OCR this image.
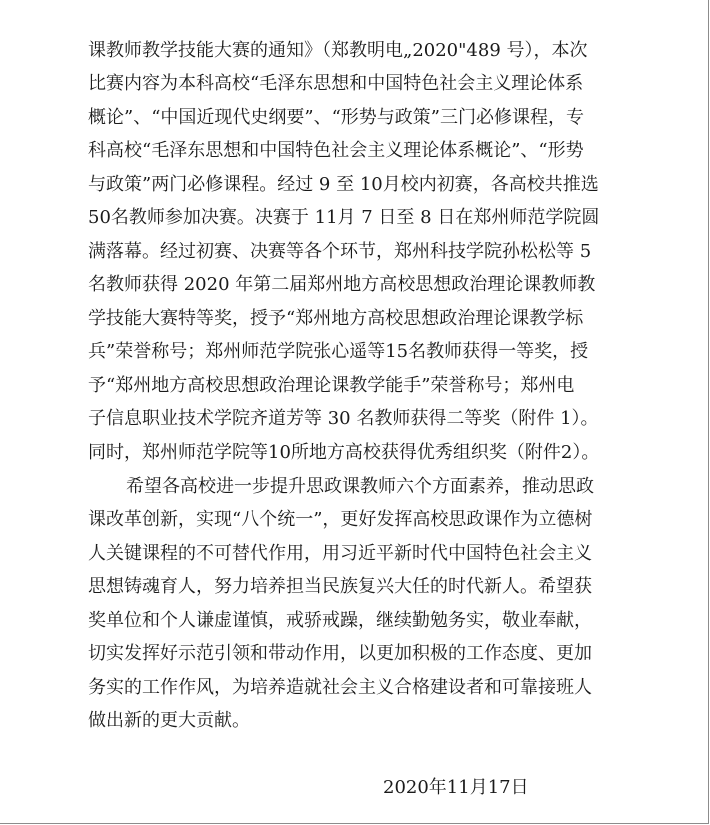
课教师教学技能大赛的通知》（郑教明电„2020"489 号），本次
比赛内容为本科高校“毛泽东思想和中国特色社会主义理论体系
概论”、“中国近现代史纲要”、“形势与政策”三门必修课程，专
科高校“毛泽东思想和中国特色社会主义理论体系概论”、“形势
与政策”两门必修课程。经过 9 至 10月校内初赛，各高校共推选
50名教师参加决赛。决赛于 11月 7 日至 8 日在郑州师范学院圆
满落幕。经过初赛、决赛等各个环节，郑州科技学院孙松松等 5
名教师获得 2020 年第二届郑州地方高校思想政治理论课教师教
学技能大赛特等奖，授予“郑州地方高校思想政治理论课教学标
兵”荣誉称号；郑州师范学院张心遥等15名教师获得一等奖，授
予“郑州地方高校思想政治理论课教学能手”荣誉称号；郑州电
子信息职业技术学院齐道芳等 30 名教师获得二等奖（附件 1）。
同时，郑州师范学院等10所地方高校获得优秀组织奖（附件2）。
希望各高校进一步提升思政课教师六个方面素养，推动思政
课改革创新，实现“八个统一”，更好发挥高校思政课作为立德树
人关键课程的不可替代作用，用习近平新时代中国特色社会主义
思想铸魂育人，努力培养担当民族复兴大任的时代新人。希望获
奖单位和个人谦虚谨慎，戒骄戒躁，继续勤勉务实，敬业奉献，
切实发挥好示范引领和带动作用，以更加积极的工作态度、更加
务实的工作作风，为培养造就社会主义合格建设者和可靠接班人
做出新的更大贡献。
2020年11月17日
